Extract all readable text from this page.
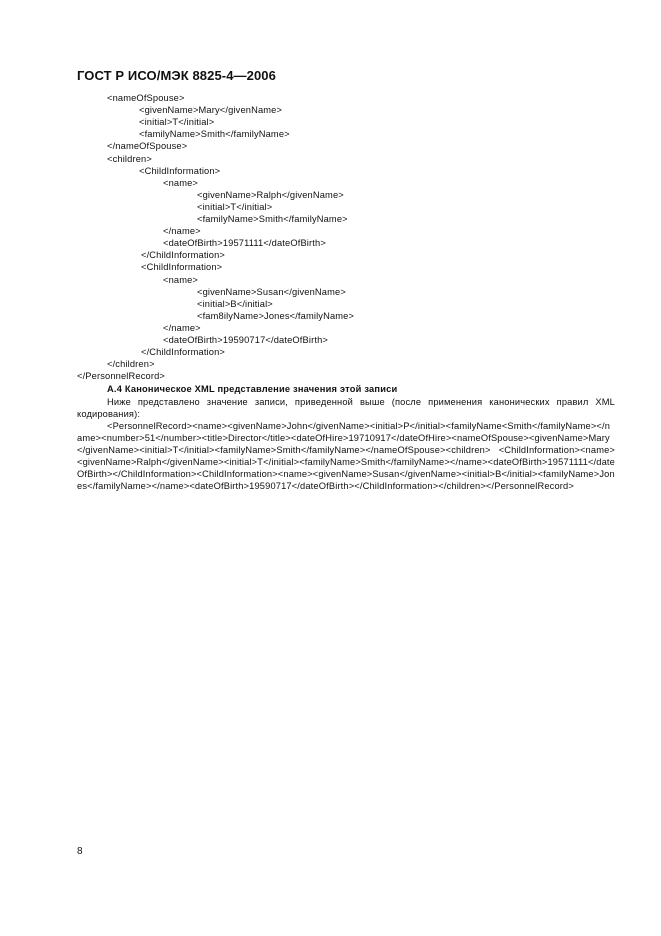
ГОСТ Р ИСО/МЭК 8825-4—2006
<nameOfSpouse>
<givenName>Mary</givenName>
<initial>T</initial>
<familyName>Smith</familyName>
</nameOfSpouse>
<children>
<ChildInformation>
<name>
<givenName>Ralph</givenName>
<initial>T</initial>
<familyName>Smith</familyName>
</name>
<dateOfBirth>19571111</dateOfBirth>
</ChildInformation>
<ChildInformation>
<name>
<givenName>Susan</givenName>
<initial>B</initial>
<fam8ilyName>Jones</familyName>
</name>
<dateOfBirth>19590717</dateOfBirth>
</ChildInformation>
</children>
</PersonnelRecord>
А.4 Каноническое XML представление значения этой записи
Ниже представлено значение записи, приведенной выше (после применения канонических правил XML кодирования):
<PersonnelRecord><name><givenName>John</givenName><initial>P</initial><familyName<Smith</familyName></name><number>51</number><title>Director</title><dateOfHire>19710917</dateOfHire><nameOfSpouse><givenName>Mary</givenName><initial>T</initial><familyName>Smith</familyName></nameOfSpouse><children> <ChildInformation><name><givenName>Ralph</givenName><initial>T</initial><familyName>Smith</familyName></name><dateOfBirth>19571111</dateOfBirth></ChildInformation><ChildInformation><name><givenName>Susan</givenName><initial>B</initial><familyName>Jones</familyName></name><dateOfBirth>19590717</dateOfBirth></ChildInformation></children></PersonnelRecord>
8
